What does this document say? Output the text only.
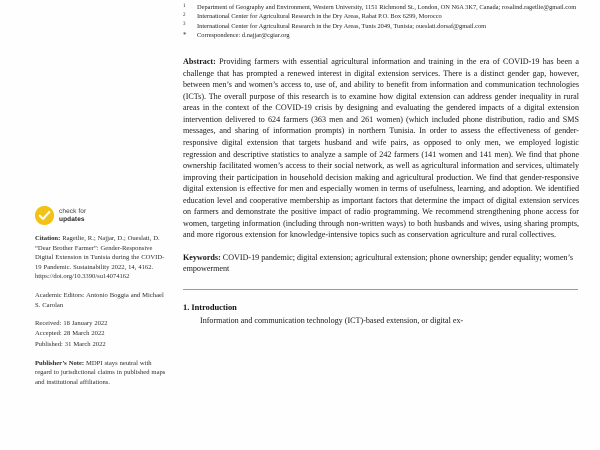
check for
updates
Citation: Ragetlie, R.; Najjar, D.; Oueslati, D. “Dear Brother Farmer”: Gender-Responsive Digital Extension in Tunisia during the COVID-19 Pandemic. Sustainability 2022, 14, 4162. https://doi.org/10.3390/su14074162
Academic Editors: Antonio Boggia and Michael S. Carolan
Received: 18 January 2022
Accepted: 28 March 2022
Published: 31 March 2022
Publisher’s Note: MDPI stays neutral with regard to jurisdictional claims in published maps and institutional affiliations.
1	Department of Geography and Environment, Western University, 1151 Richmond St., London, ON N6A 3K7, Canada; rosalind.ragetlie@gmail.com
2	International Center for Agricultural Research in the Dry Areas, Rabat P.O. Box 6299, Morocco
3	International Center for Agricultural Research in the Dry Areas, Tunis 2049, Tunisia; oueslati.dorsaf@gmail.com
*	Correspondence: d.najjar@cgiar.org
Abstract: Providing farmers with essential agricultural information and training in the era of COVID-19 has been a challenge that has prompted a renewed interest in digital extension services. There is a distinct gender gap, however, between men’s and women’s access to, use of, and ability to benefit from information and communication technologies (ICTs). The overall purpose of this research is to examine how digital extension can address gender inequality in rural areas in the context of the COVID-19 crisis by designing and evaluating the gendered impacts of a digital extension intervention delivered to 624 farmers (363 men and 261 women) (which included phone distribution, radio and SMS messages, and sharing of information prompts) in northern Tunisia. In order to assess the effectiveness of gender-responsive digital extension that targets husband and wife pairs, as opposed to only men, we employed logistic regression and descriptive statistics to analyze a sample of 242 farmers (141 women and 141 men). We find that phone ownership facilitated women’s access to their social network, as well as agricultural information and services, ultimately improving their participation in household decision making and agricultural production. We find that gender-responsive digital extension is effective for men and especially women in terms of usefulness, learning, and adoption. We identified education level and cooperative membership as important factors that determine the impact of digital extension services on farmers and demonstrate the positive impact of radio programming. We recommend strengthening phone access for women, targeting information (including through non-written ways) to both husbands and wives, using sharing prompts, and more rigorous extension for knowledge-intensive topics such as conservation agriculture and rural collectives.
Keywords: COVID-19 pandemic; digital extension; agricultural extension; phone ownership; gender equality; women’s empowerment
1. Introduction
Information and communication technology (ICT)-based extension, or digital ex-
